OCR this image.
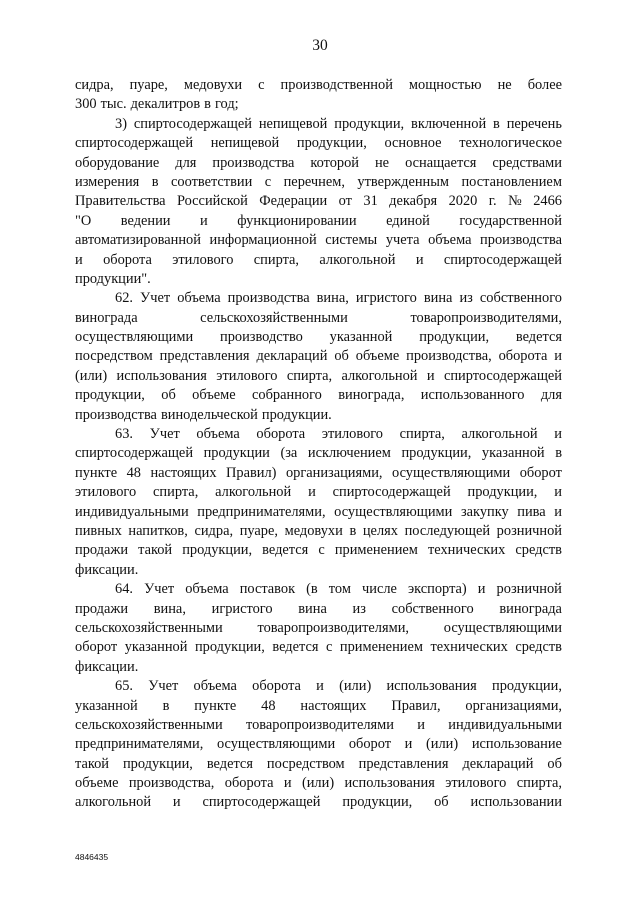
30
сидра, пуаре, медовухи с производственной мощностью не более
300 тыс. декалитров в год;
3) спиртосодержащей непищевой продукции, включенной в перечень
спиртосодержащей непищевой продукции, основное технологическое
оборудование для производства которой не оснащается средствами
измерения в соответствии с перечнем, утвержденным постановлением
Правительства Российской Федерации от 31 декабря 2020 г. № 2466
"О ведении и функционировании единой государственной
автоматизированной информационной системы учета объема производства
и оборота этилового спирта, алкогольной и спиртосодержащей
продукции".
62. Учет объема производства вина, игристого вина из собственного
винограда	сельскохозяйственными	товаропроизводителями,
осуществляющими производство указанной продукции, ведется
посредством представления деклараций об объеме производства, оборота и
(или) использования этилового спирта, алкогольной и спиртосодержащей
продукции, об объеме собранного винограда, использованного для
производства винодельческой продукции.
63. Учет объема оборота этилового спирта, алкогольной и
спиртосодержащей продукции (за исключением продукции, указанной в
пункте 48 настоящих Правил) организациями, осуществляющими оборот
этилового спирта, алкогольной и спиртосодержащей продукции, и
индивидуальными предпринимателями, осуществляющими закупку пива и
пивных напитков, сидра, пуаре, медовухи в целях последующей розничной
продажи такой продукции, ведется с применением технических средств
фиксации.
64. Учет объема поставок (в том числе экспорта) и розничной
продажи вина, игристого вина из собственного винограда
сельскохозяйственными товаропроизводителями, осуществляющими
оборот указанной продукции, ведется с применением технических средств
фиксации.
65. Учет объема оборота и (или) использования продукции,
указанной в пункте 48 настоящих Правил, организациями,
сельскохозяйственными товаропроизводителями и индивидуальными
предпринимателями, осуществляющими оборот и (или) использование
такой продукции, ведется посредством представления деклараций об
объеме производства, оборота и (или) использования этилового спирта,
алкогольной и спиртосодержащей продукции, об использовании
4846435
